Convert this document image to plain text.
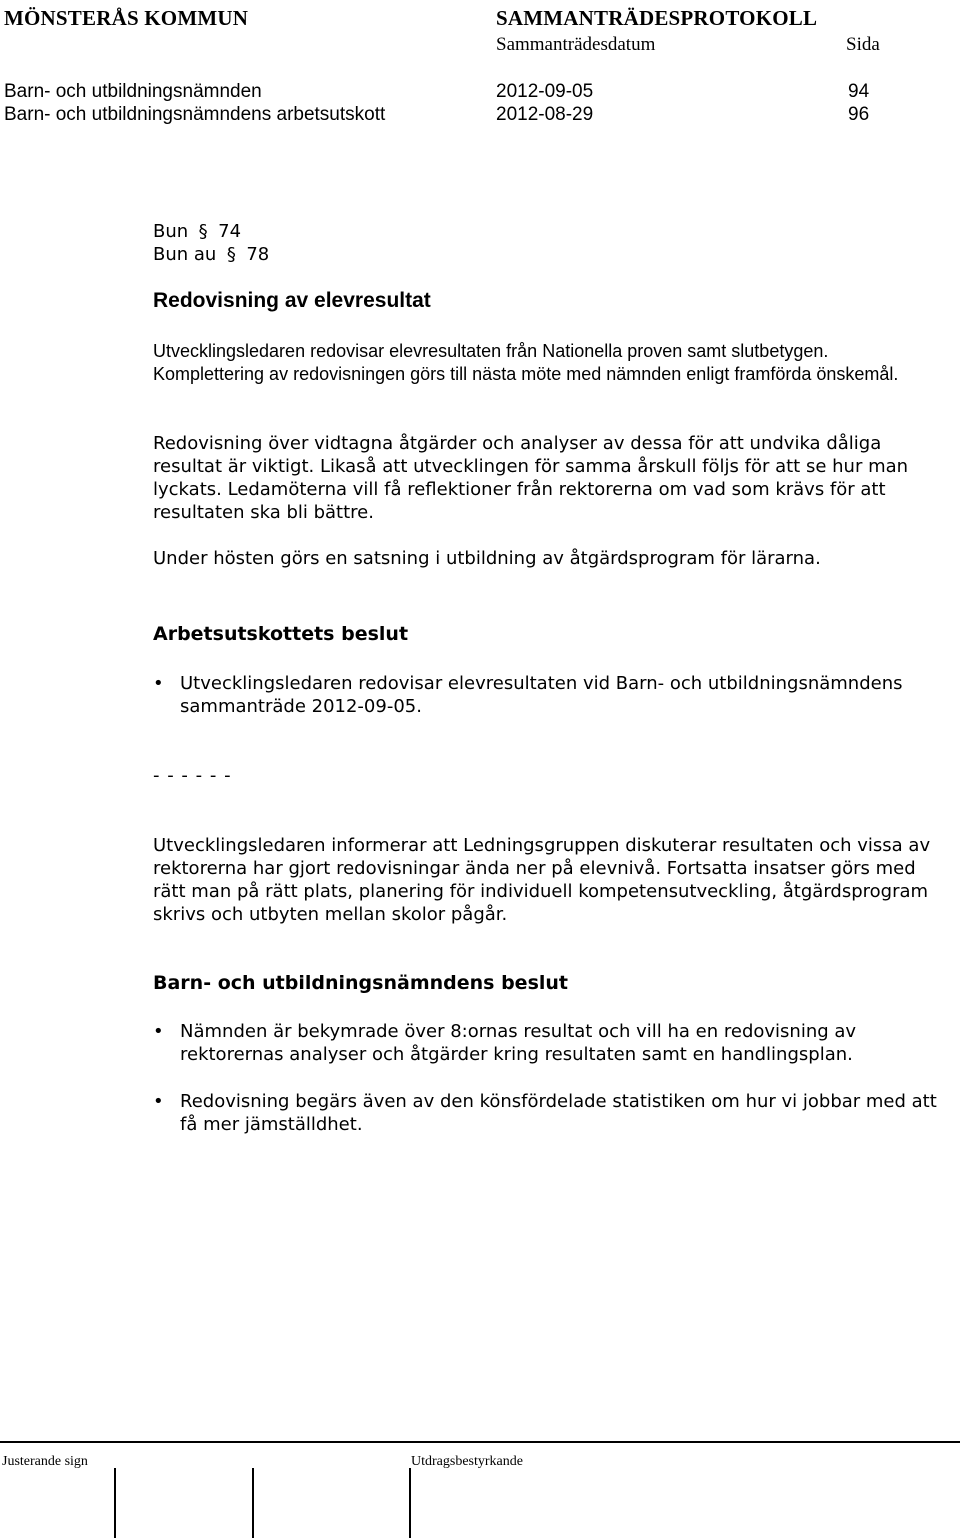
MÖNSTERÅS KOMMUN	SAMMANTRÄDESPROTOKOLL
Sammanträdesdatum	Sida
Barn- och utbildningsnämnden	2012-09-05	94
Barn- och utbildningsnämndens arbetsutskott	2012-08-29	96
Bun § 74
Bun au § 78
Redovisning av elevresultat
Utvecklingsledaren redovisar elevresultaten från Nationella proven samt slutbetygen. Komplettering av redovisningen görs till nästa möte med nämnden enligt framförda önskemål.
Redovisning över vidtagna åtgärder och analyser av dessa för att undvika dåliga resultat är viktigt. Likaså att utvecklingen för samma årskull följs för att se hur man lyckats. Ledamöterna vill få reflektioner från rektorerna om vad som krävs för att resultaten ska bli bättre.
Under hösten görs en satsning i utbildning av åtgärdsprogram för lärarna.
Arbetsutskottets beslut
• Utvecklingsledaren redovisar elevresultaten vid Barn- och utbildningsnämndens sammanträde 2012-09-05.
- - - - - -
Utvecklingsledaren informerar att Ledningsgruppen diskuterar resultaten och vissa av rektorerna har gjort redovisningar ända ner på elevnivå. Fortsatta insatser görs med rätt man på rätt plats, planering för individuell kompetensutveckling, åtgärdsprogram skrivs och utbyten mellan skolor pågår.
Barn- och utbildningsnämndens beslut
• Nämnden är bekymrade över 8:ornas resultat och vill ha en redovisning av rektorernas analyser och åtgärder kring resultaten samt en handlingsplan.
• Redovisning begärs även av den könsfördelade statistiken om hur vi jobbar med att få mer jämställdhet.
Justerande sign	Utdragsbestyrkande
